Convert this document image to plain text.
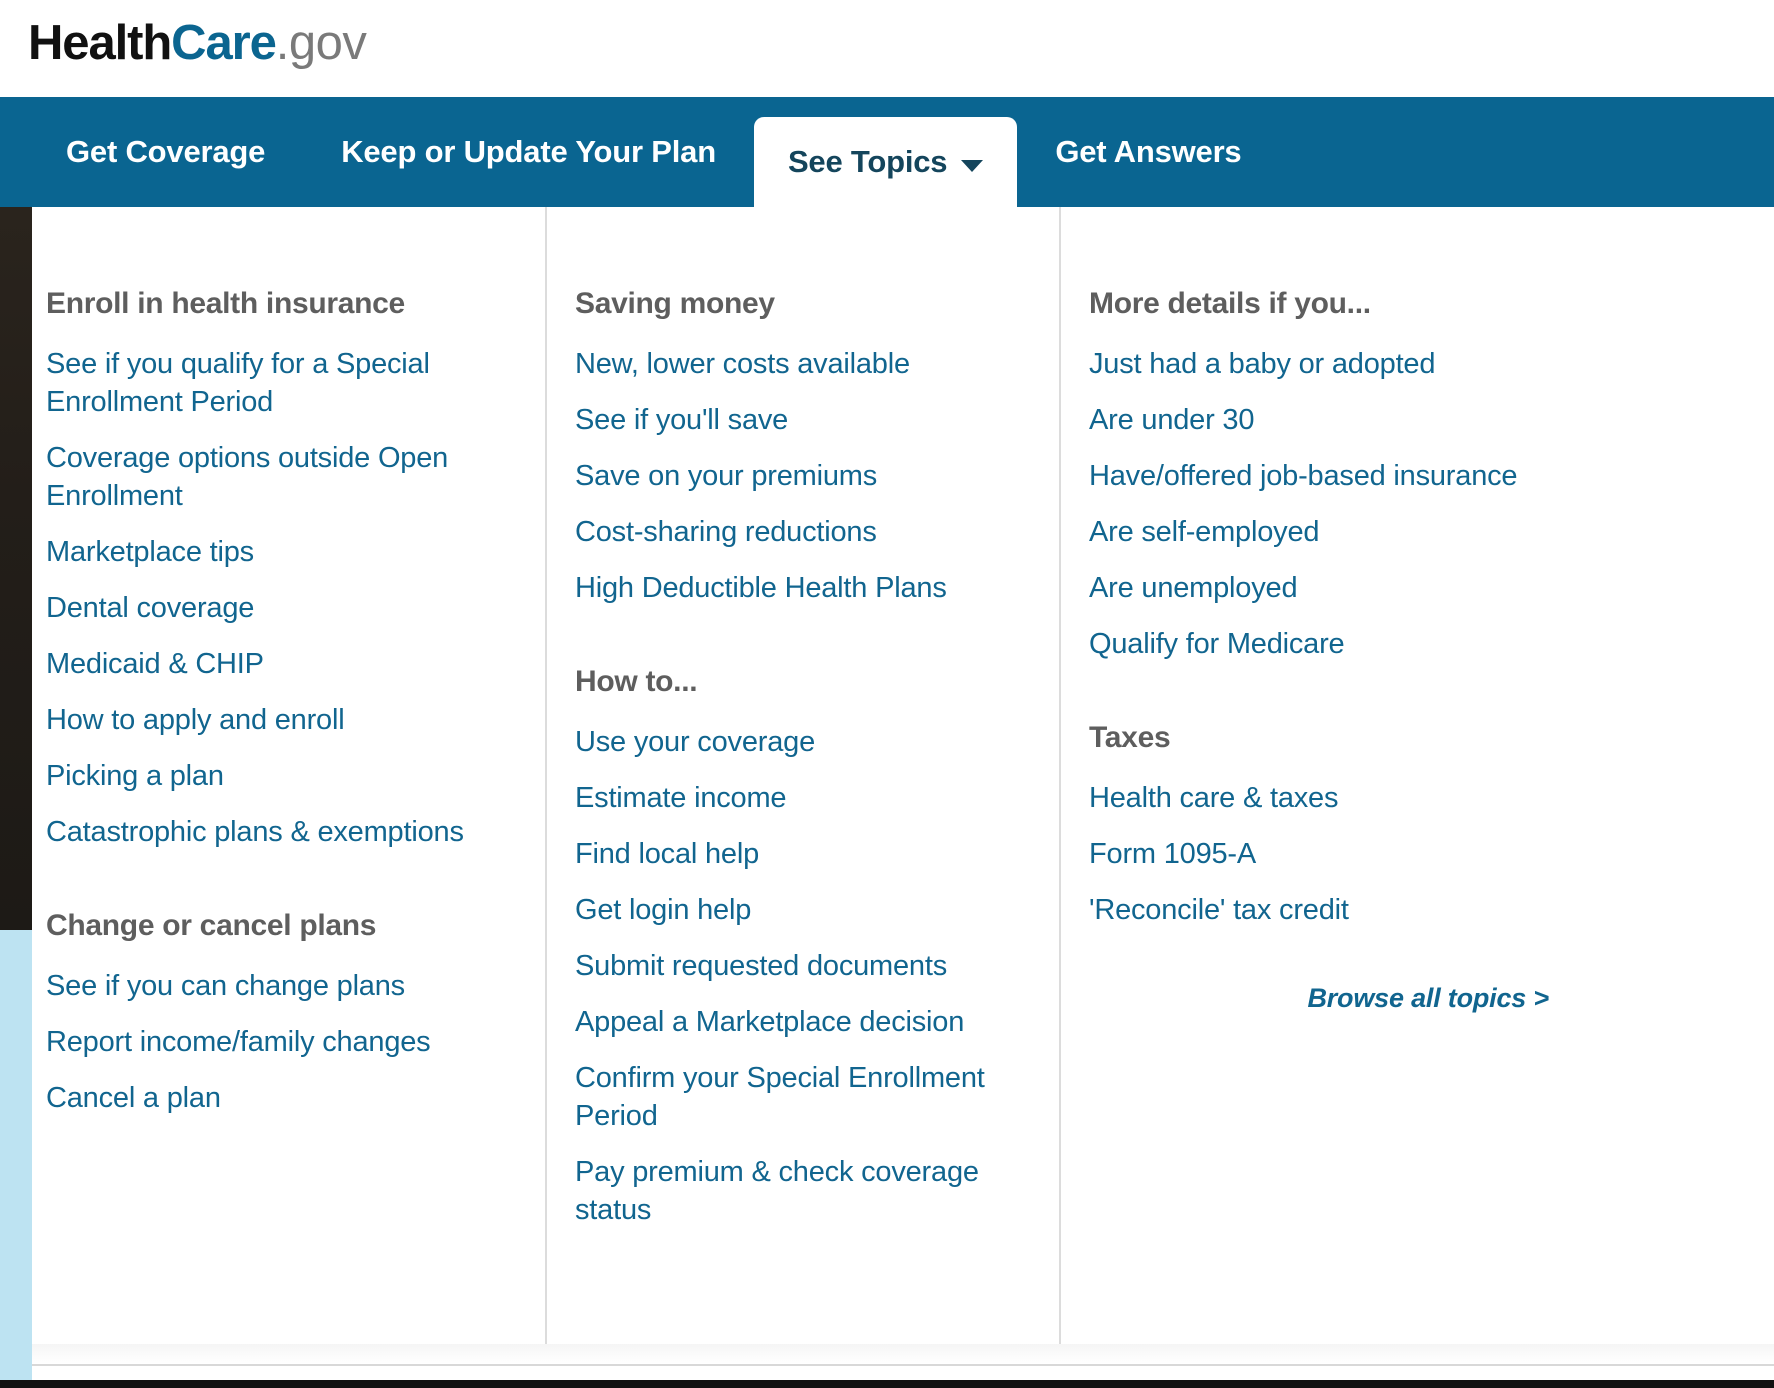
HealthCare.gov
Get Coverage	Keep or Update Your Plan	See Topics	Get Answers
Enroll in health insurance
See if you qualify for a Special Enrollment Period
Coverage options outside Open Enrollment
Marketplace tips
Dental coverage
Medicaid & CHIP
How to apply and enroll
Picking a plan
Catastrophic plans & exemptions
Change or cancel plans
See if you can change plans
Report income/family changes
Cancel a plan
Saving money
New, lower costs available
See if you'll save
Save on your premiums
Cost-sharing reductions
High Deductible Health Plans
How to...
Use your coverage
Estimate income
Find local help
Get login help
Submit requested documents
Appeal a Marketplace decision
Confirm your Special Enrollment Period
Pay premium & check coverage status
More details if you...
Just had a baby or adopted
Are under 30
Have/offered job-based insurance
Are self-employed
Are unemployed
Qualify for Medicare
Taxes
Health care & taxes
Form 1095-A
'Reconcile' tax credit
Browse all topics >
